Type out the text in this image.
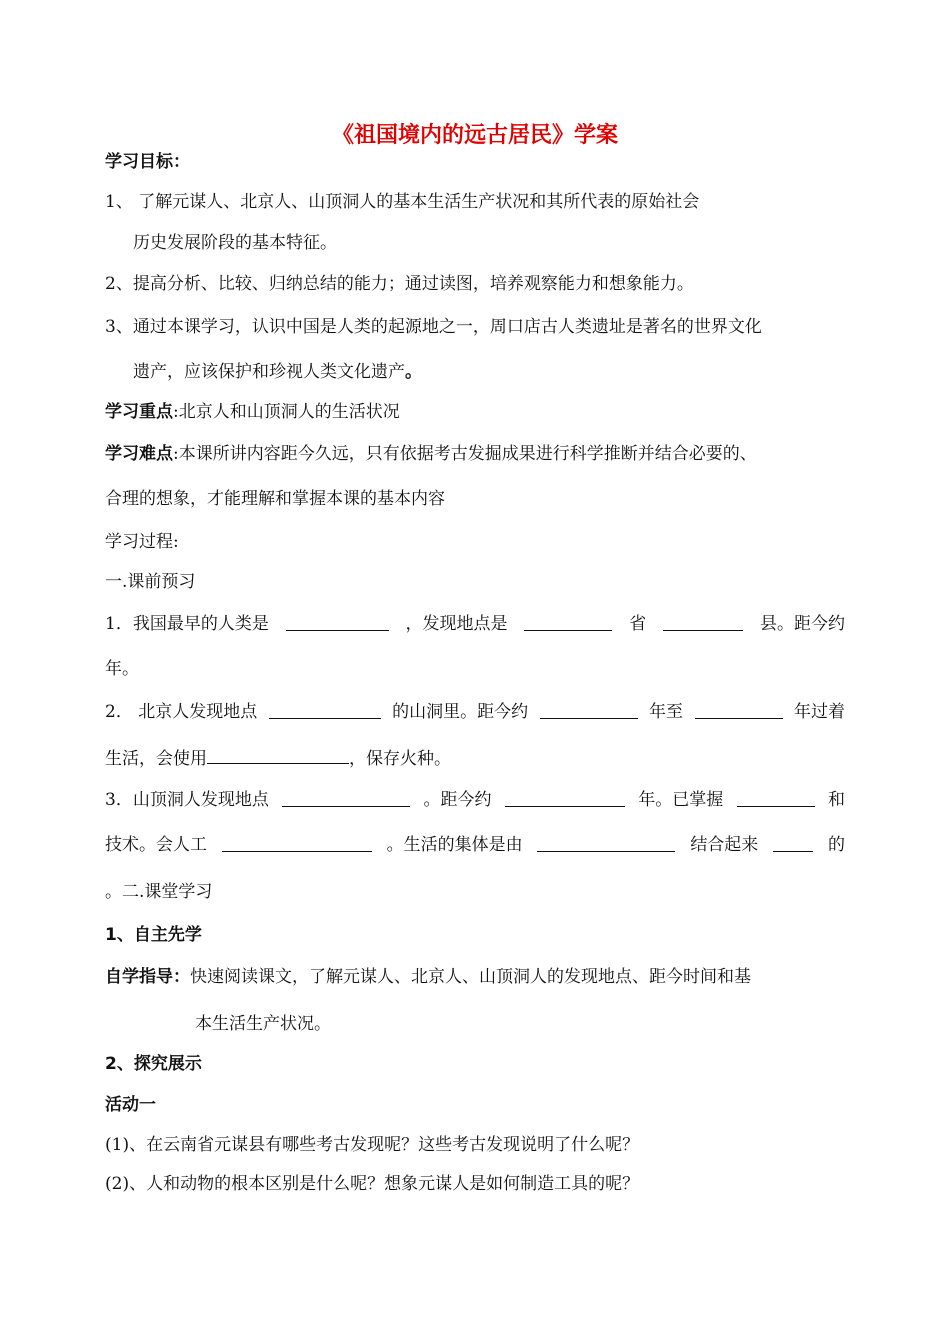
《祖国境内的远古居民》学案
学习目标：
1、 了解元谋人、北京人、山顶洞人的基本生活生产状况和其所代表的原始社会
历史发展阶段的基本特征。
2、提高分析、比较、归纳总结的能力；通过读图，培养观察能力和想象能力。
3、通过本课学习，认识中国是人类的起源地之一，周口店古人类遗址是著名的世界文化
遗产，应该保护和珍视人类文化遗产。
学习重点:北京人和山顶洞人的生活状况
学习难点:本课所讲内容距今久远，只有依据考古发掘成果进行科学推断并结合必要的、
合理的想象，才能理解和掌握本课的基本内容
学习过程:
一.课前预习
1．我国最早的人类是	，发现地点是	省	县。距今约
年。
2． 北京人发现地点	的山洞里。距今约	年至	年过着
生活，会使用	，保存火种。
3．山顶洞人发现地点	。距今约	年。已掌握	和
技术。会人工	。生活的集体是由	结合起来	的
。二.课堂学习
1、自主先学
自学指导：快速阅读课文，了解元谋人、北京人、山顶洞人的发现地点、距今时间和基
本生活生产状况。
2、探究展示
活动一
(1)、在云南省元谋县有哪些考古发现呢？这些考古发现说明了什么呢？
(2)、人和动物的根本区别是什么呢？想象元谋人是如何制造工具的呢？
